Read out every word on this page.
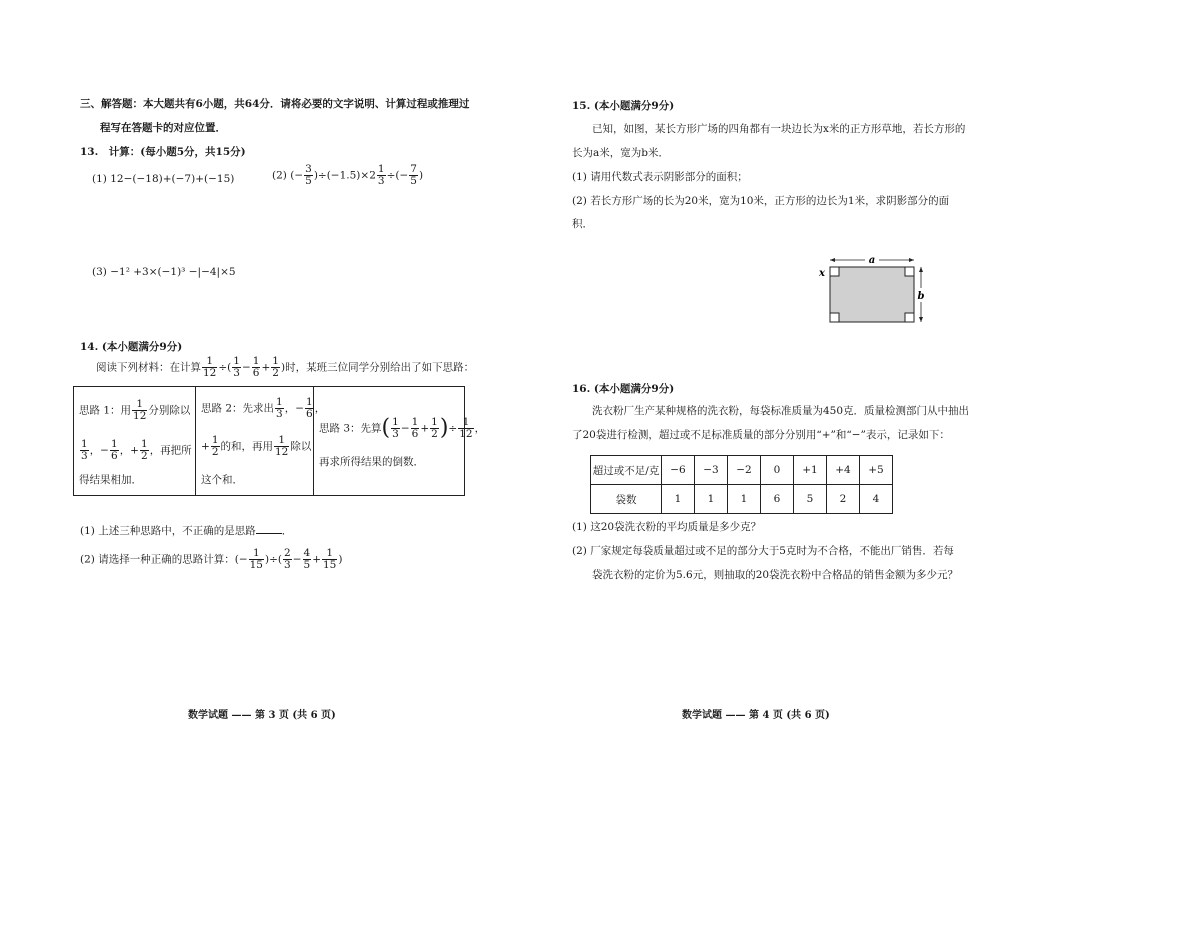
三、解答题：本大题共有6小题，共64分．请将必要的文字说明、计算过程或推理过
程写在答题卡的对应位置．
13.　计算：(每小题5分，共15分)
(1) 12−(−18)+(−7)+(−15)	(2) (− $\frac{3}{5} )\div(-1.5)\times 2 \frac{1}{3}$ ÷(− $\frac{7}{5}$ )
(3) −1² +3×(−1)³ −|−4|×5
14. (本小题满分9分)
阅读下列材料：在计算 $\frac{1}{12}$ ÷( $\frac{1}{3} - \frac{1}{6} + \frac{1}{2}$ )时，某班三位同学分别给出了如下思路：
思路 1：用 $\frac{1}{12}$ 分别除以
$\frac{1}{3}$ ，− $\frac{1}{6}$ ，+ $\frac{1}{2}$ ，再把所
得结果相加．
思路 2：先求出 $\frac{1}{3}$ ，− $\frac{1}{6}$ ，
+ $\frac{1}{2}$ 的和，再用 $\frac{1}{12}$ 除以
这个和．
思路 3：先算( $\frac{1}{3} - \frac{1}{6} + \frac{1}{2}$ )÷ $\frac{1}{12}$ ，
再求所得结果的倒数．
(1) 上述三种思路中，不正确的是思路 ．
(2) 请选择一种正确的思路计算：(− $\frac{1}{15}$ )÷( $\frac{2}{3} - \frac{4}{5} + \frac{1}{15}$ )
数学试题 —— 第 3 页 (共 6 页)
15. (本小题满分9分)
已知，如图，某长方形广场的四角都有一块边长为x米的正方形草地，若长方形的
长为a米，宽为b米．
(1) 请用代数式表示阴影部分的面积；
(2) 若长方形广场的长为20米，宽为10米，正方形的边长为1米，求阴影部分的面
积．
a
b
x
16. (本小题满分9分)
洗衣粉厂生产某种规格的洗衣粉，每袋标准质量为450克．质量检测部门从中抽出
了20袋进行检测，超过或不足标准质量的部分分别用“+”和“−”表示，记录如下：
(1) 这20袋洗衣粉的平均质量是多少克？
(2) 厂家规定每袋质量超过或不足的部分大于5克时为不合格，不能出厂销售．若每
袋洗衣粉的定价为5.6元，则抽取的20袋洗衣粉中合格品的销售金额为多少元？
数学试题 —— 第 4 页 (共 6 页)
超过或不足/克	−6	−3	−2	0	+1	+4	+5
袋数	1	1	1	6	5	2	4
